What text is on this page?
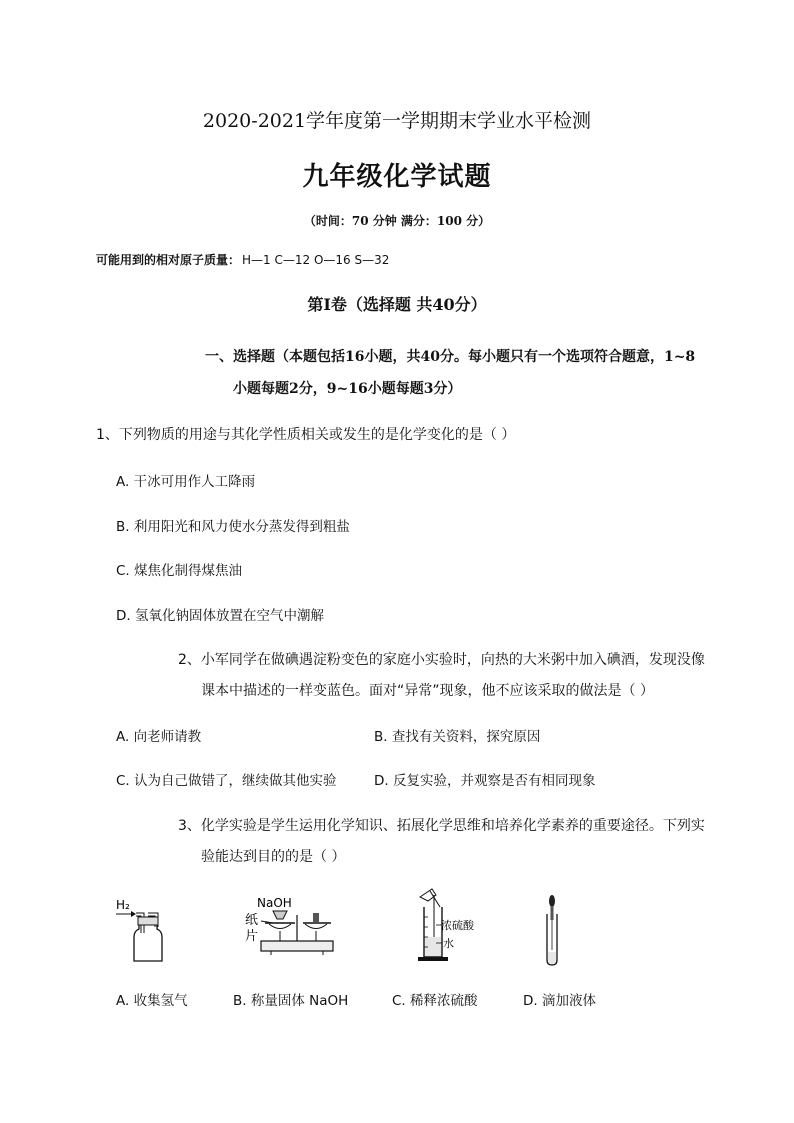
2020-2021学年度第一学期期末学业水平检测
九年级化学试题
（时间：70 分钟 满分：100 分）
可能用到的相对原子质量： H—1 C—12 O—16 S—32
第Ⅰ卷（选择题 共40分）
一、选择题（本题包括16小题，共40分。每小题只有一个选项符合题意，1~8
小题每题2分，9~16小题每题3分）
1、下列物质的用途与其化学性质相关或发生的是化学变化的是（ ）
A. 干冰可用作人工降雨
B. 利用阳光和风力使水分蒸发得到粗盐
C. 煤焦化制得煤焦油
D. 氢氧化钠固体放置在空气中潮解
2、小军同学在做碘遇淀粉变色的家庭小实验时，向热的大米粥中加入碘酒，发现没像
课本中描述的一样变蓝色。面对“异常”现象，他不应该采取的做法是（ ）
A. 向老师请教	B. 查找有关资料，探究原因
C. 认为自己做错了，继续做其他实验	D. 反复实验，并观察是否有相同现象
3、化学实验是学生运用化学知识、拓展化学思维和培养化学素养的重要途径。下列实
验能达到目的的是（ ）
H₂	NaOH
纸
片
浓硫酸
水
A. 收集氢气	B. 称量固体 NaOH	C. 稀释浓硫酸	D. 滴加液体
